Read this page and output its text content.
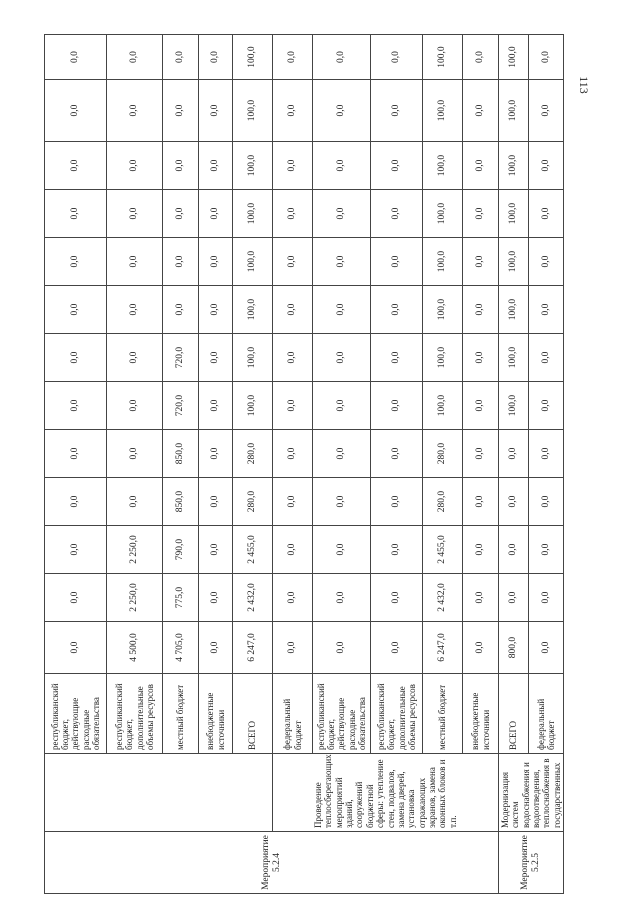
113
Мероприятие 5.2.4		республиканский бюджет, действующие расходные обязательства	0,0	0,0	0,0	0,0	0,0	0,0	0,0	0,0	0,0	0,0	0,0	0,0	0,0
		республиканский бюджет, дополнительные объемы ресурсов	4 500,0	2 250,0	2 250,0	0,0	0,0	0,0	0,0	0,0	0,0	0,0	0,0	0,0	0,0
		местный бюджет	4 705,0	775,0	790,0	850,0	850,0	720,0	720,0	0,0	0,0	0,0	0,0	0,0	0,0
		внебюджетные источники	0,0	0,0	0,0	0,0	0,0	0,0	0,0	0,0	0,0	0,0	0,0	0,0	0,0
		ВСЕГО	6 247,0	2 432,0	2 455,0	280,0	280,0	100,0	100,0	100,0	100,0	100,0	100,0	100,0	100,0
	Проведение теплосберегающих мероприятий зданий, сооружений бюджетной сферы: утепление стен, подвалов, замена дверей, установка отражающих экранов, замена оконных блоков и т.п.	федеральный бюджет	0,0	0,0	0,0	0,0	0,0	0,0	0,0	0,0	0,0	0,0	0,0	0,0	0,0
		республиканский бюджет, действующие расходные обязательства	0,0	0,0	0,0	0,0	0,0	0,0	0,0	0,0	0,0	0,0	0,0	0,0	0,0
		республиканский бюджет, дополнительные объемы ресурсов	0,0	0,0	0,0	0,0	0,0	0,0	0,0	0,0	0,0	0,0	0,0	0,0	0,0
		местный бюджет	6 247,0	2 432,0	2 455,0	280,0	280,0	100,0	100,0	100,0	100,0	100,0	100,0	100,0	100,0
		внебюджетные источники	0,0	0,0	0,0	0,0	0,0	0,0	0,0	0,0	0,0	0,0	0,0	0,0	0,0
Мероприятие 5.2.5	Модернизация систем водоснабжения и водоотведения, теплоснабжения в государственных	ВСЕГО	800,0	0,0	0,0	0,0	0,0	100,0	100,0	100,0	100,0	100,0	100,0	100,0	100,0
		федеральный бюджет	0,0	0,0	0,0	0,0	0,0	0,0	0,0	0,0	0,0	0,0	0,0	0,0	0,0
